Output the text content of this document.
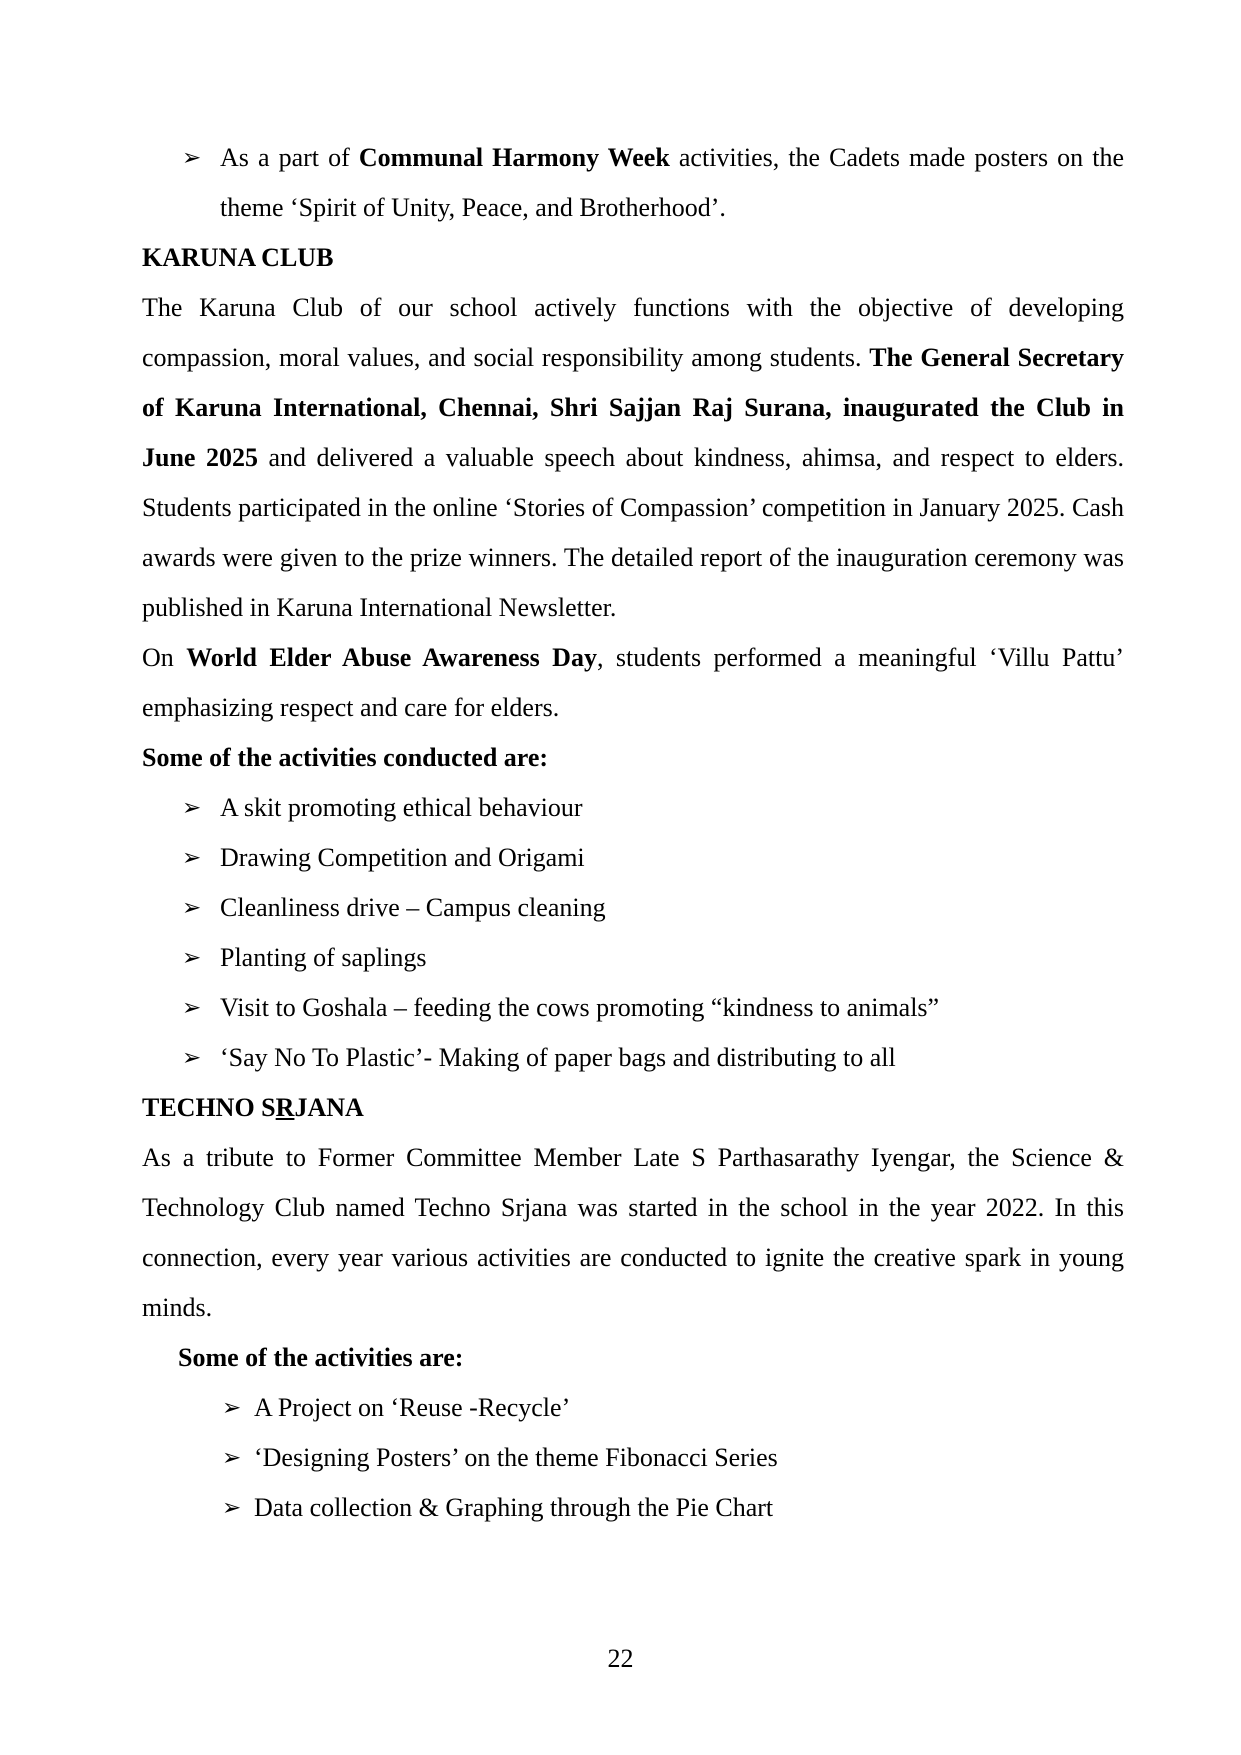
➢ As a part of Communal Harmony Week activities, the Cadets made posters on the theme ‘Spirit of Unity, Peace, and Brotherhood’.
KARUNA CLUB

The Karuna Club of our school actively functions with the objective of developing compassion, moral values, and social responsibility among students. The General Secretary of Karuna International, Chennai, Shri Sajjan Raj Surana, inaugurated the Club in June 2025 and delivered a valuable speech about kindness, ahimsa, and respect to elders. Students participated in the online ‘Stories of Compassion’ competition in January 2025. Cash awards were given to the prize winners. The detailed report of the inauguration ceremony was published in Karuna International Newsletter.

On World Elder Abuse Awareness Day, students performed a meaningful ‘Villu Pattu’ emphasizing respect and care for elders.

Some of the activities conducted are:

➢ A skit promoting ethical behaviour
➢ Drawing Competition and Origami
➢ Cleanliness drive – Campus cleaning
➢ Planting of saplings
➢ Visit to Goshala – feeding the cows promoting “kindness to animals”
➢ ‘Say No To Plastic’- Making of paper bags and distributing to all
TECHNO SRJANA

As a tribute to Former Committee Member Late S Parthasarathy Iyengar, the Science & Technology Club named Techno Srjana was started in the school in the year 2022. In this connection, every year various activities are conducted to ignite the creative spark in young minds.

Some of the activities are:

➢ A Project on ‘Reuse -Recycle’
➢ ‘Designing Posters’ on the theme Fibonacci Series
➢ Data collection & Graphing through the Pie Chart
22
